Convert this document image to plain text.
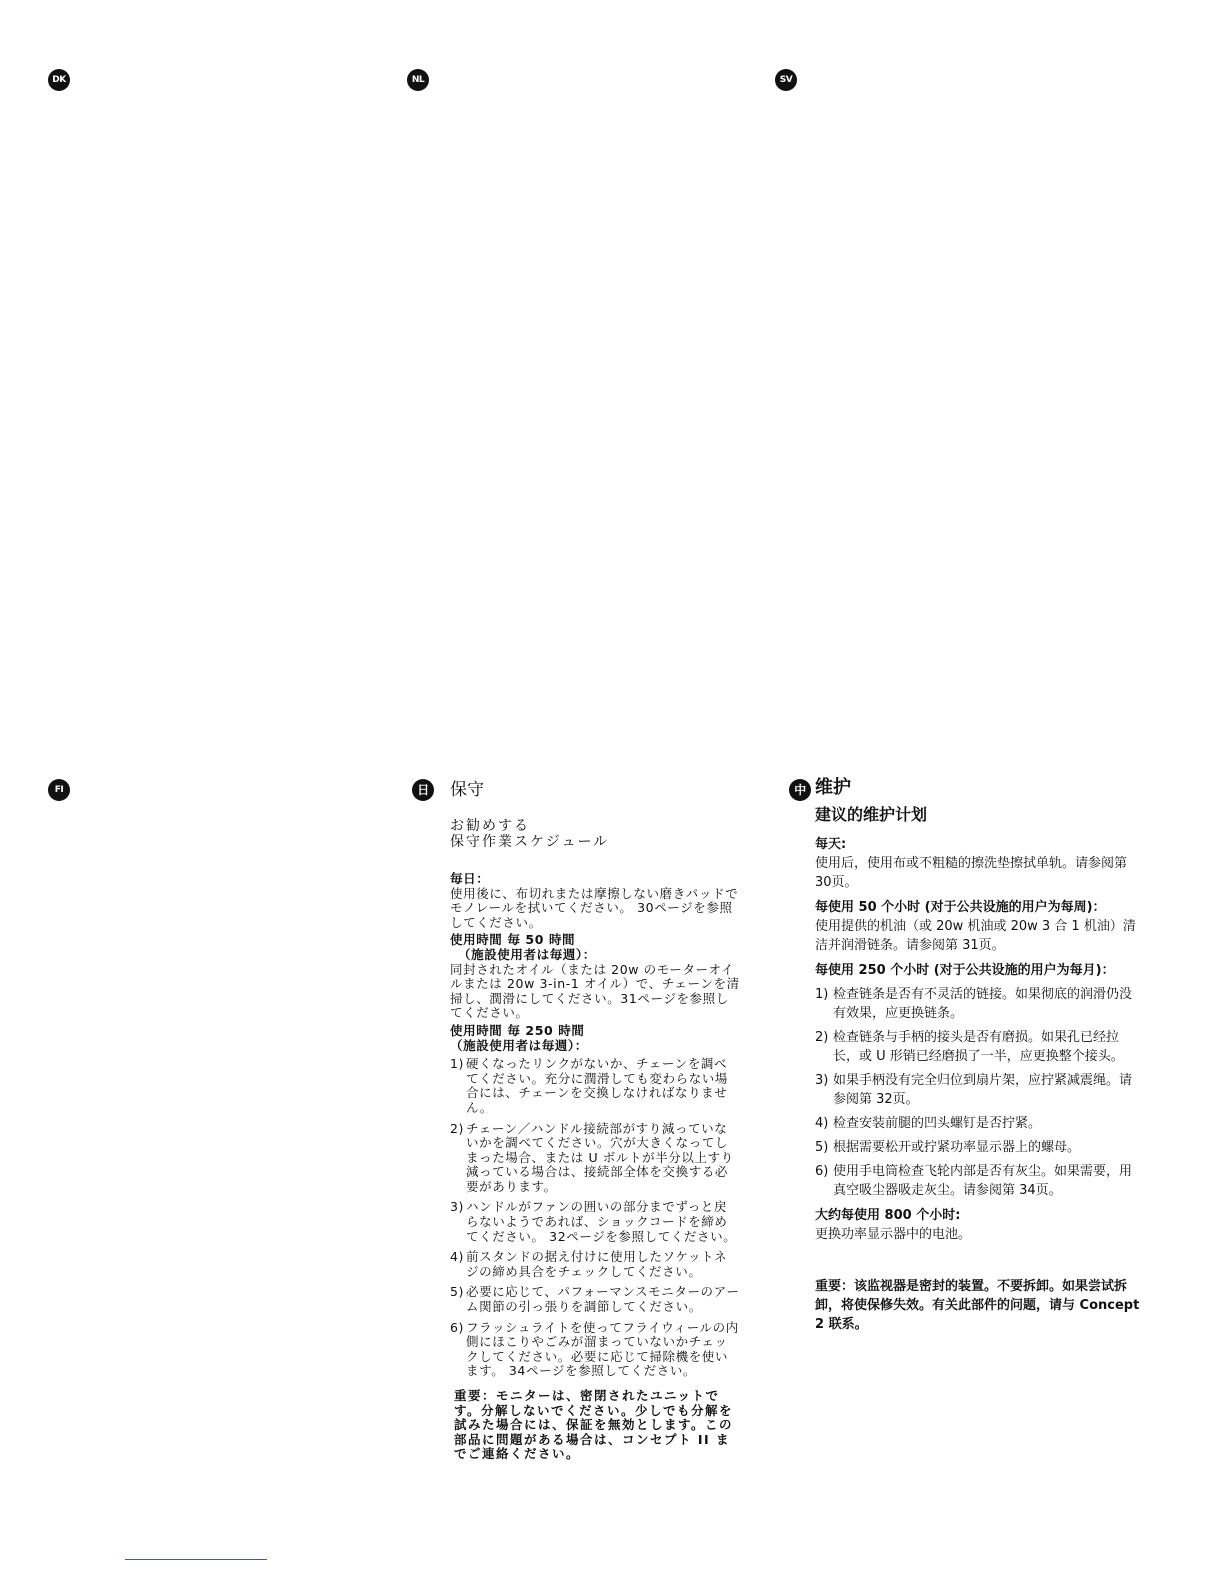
DK	NL	SV
FI	日	中
保守
お勧めする
保守作業スケジュール
毎日：

使用後に、布切れまたは摩擦しない磨きパッドでモノレールを拭いてください。 30ページを参照してください。

使用時間 毎 50 時間
（施設使用者は毎週）：

同封されたオイル（または 20w のモーターオイルまたは 20w 3-in-1 オイル）で、チェーンを清掃し、潤滑にしてください。31ページを参照してください。

使用時間 毎 250 時間
（施設使用者は毎週）：
1) 硬くなったリンクがないか、チェーンを調べてください。充分に潤滑しても変わらない場合には、チェーンを交換しなければなりません。
2) チェーン／ハンドル接続部がすり減っていないかを調べてください。穴が大きくなってしまった場合、または U ボルトが半分以上すり減っている場合は、接続部全体を交換する必要があります。
3) ハンドルがファンの囲いの部分までずっと戻らないようであれば、ショックコードを締めてください。 32ページを参照してください。
4) 前スタンドの据え付けに使用したソケットネジの締め具合をチェックしてください。
5) 必要に応じて、パフォーマンスモニターのアーム関節の引っ張りを調節してください。
6) フラッシュライトを使ってフライウィールの内側にほこりやごみが溜まっていないかチェックしてください。必要に応じて掃除機を使います。 34ページを参照してください。

重要：モニターは、密閉されたユニットです。分解しないでください。少しでも分解を試みた場合には、保証を無効とします。この部品に問題がある場合は、コンセプト II までご連絡ください。

维护
建议的维护计划
每天:

使用后，使用布或不粗糙的擦洗垫擦拭单轨。请参阅第 30页。

每使用 50 个小时 (对于公共设施的用户为每周)：

使用提供的机油（或 20w 机油或 20w 3 合 1 机油）清洁并润滑链条。请参阅第 31页。

每使用 250 个小时 (对于公共设施的用户为每月)：
1) 检查链条是否有不灵活的链接。如果彻底的润滑仍没有效果，应更换链条。
2) 检查链条与手柄的接头是否有磨损。如果孔已经拉长，或 U 形销已经磨损了一半，应更换整个接头。
3) 如果手柄没有完全归位到扇片架，应拧紧减震绳。请参阅第 32页。
4) 检查安装前腿的凹头螺钉是否拧紧。
5) 根据需要松开或拧紧功率显示器上的螺母。
6) 使用手电筒检查飞轮内部是否有灰尘。如果需要，用真空吸尘器吸走灰尘。请参阅第 34页。
大约每使用 800 个小时:

更换功率显示器中的电池。

重要：该监视器是密封的装置。不要拆卸。如果尝试拆卸，将使保修失效。有关此部件的问题，请与 Concept 2 联系。
